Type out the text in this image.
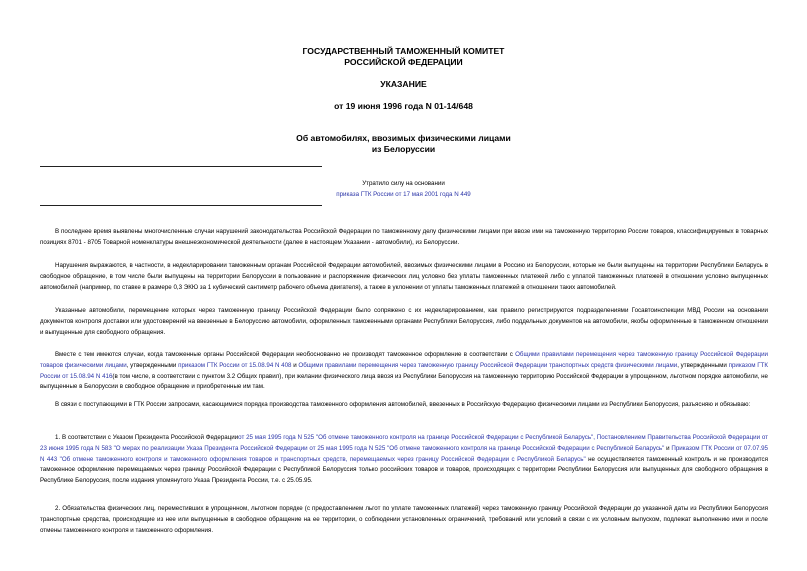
ГОСУДАРСТВЕННЫЙ ТАМОЖЕННЫЙ КОМИТЕТ
РОССИЙСКОЙ ФЕДЕРАЦИИ
УКАЗАНИЕ
от 19 июня 1996 года N 01-14/648
Об автомобилях, ввозимых физическими лицами
из Белоруссии
Утратило силу на основании
приказа ГТК России от 17 мая 2001 года N 449

В последнее время выявлены многочисленные случаи нарушений законодательства Российской Федерации по таможенному делу физическими лицами при ввозе ими на таможенную территорию России товаров, классифицируемых в товарных позициях 8701 - 8705 Товарной номенклатуры внешнеэкономической деятельности (далее в настоящем Указании - автомобили), из Белоруссии.

Нарушения выражаются, в частности, в недекларировании таможенным органам Российской Федерации автомобилей, ввозимых физическими лицами в Россию из Белоруссии, которые не были выпущены на территории Республики Беларусь в свободное обращение, в том числе были выпущены на территории Белоруссии в пользование и распоряжение физических лиц условно без уплаты таможенных платежей либо с уплатой таможенных платежей в отношении условно выпущенных автомобилей (например, по ставке в размере 0,3 ЭКЮ за 1 кубический сантиметр рабочего объема двигателя), а также в уклонении от уплаты таможенных платежей в отношении таких автомобилей.

Указанные автомобили, перемещение которых через таможенную границу Российской Федерации было сопряжено с их недекларированием, как правило регистрируются подразделениями Госавтоинспекции МВД России на основании документов контроля доставки или удостоверений на ввезенные в Белоруссию автомобили, оформленных таможенными органами Республики Белоруссия, либо поддельных документов на автомобили, якобы оформленные в таможенном отношении и выпущенные для свободного обращения.

Вместе с тем имеются случаи, когда таможенные органы Российской Федерации необоснованно не производят таможенное оформление в соответствии с Общими правилами перемещения через таможенную границу Российской Федерации товаров физическими лицами, утвержденными приказом ГТК России от 15.08.94 N 408 и Общими правилами перемещения через таможенную границу Российской Федерации транспортных средств физическими лицами, утвержденными приказом ГТК России от 15.08.94 N 416(в том числе, в соответствии с пунктом 3.2 Общих правил), при желании физического лица ввозя из Республики Белоруссия на таможенную территорию Российской Федерации в упрощенном, льготном порядке автомобили, не выпущенные в Белоруссии в свободное обращение и приобретенные им там.

В связи с поступающими в ГТК России запросами, касающимися порядка производства таможенного оформления автомобилей, ввезенных в Российскую Федерацию физическими лицами из Республики Белоруссия, разъясняю и обязываю:

1. В соответствии с Указом Президента Российской Федерацииот 25 мая 1995 года N 525 "Об отмене таможенного контроля на границе Российской Федерации с Республикой Беларусь", Постановлением Правительства Российской Федерации от 23 июня 1995 года N 583 "О мерах по реализации Указа Президента Российской Федерации от 25 мая 1995 года N 525 "Об отмене таможенного контроля на границе Российской Федерации с Республикой Беларусь" и Приказом ГТК России от 07.07.95 N 443 "Об отмене таможенного контроля и таможенного оформления товаров и транспортных средств, перемещаемых через границу Российской Федерации с Республикой Беларусь" не осуществляется таможенный контроль и не производится таможенное оформление перемещаемых через границу Российской Федерации с Республикой Белоруссия только российских товаров и товаров, происходящих с территории Республики Белоруссия или выпущенных для свободного обращения в Республике Белоруссия, после издания упомянутого Указа Президента России, т.е. с 25.05.95.

2. Обязательства физических лиц, переместивших в упрощенном, льготном порядке (с предоставлением льгот по уплате таможенных платежей) через таможенную границу Российской Федерации до указанной даты из Республики Белоруссия транспортные средства, происходящие из нее или выпущенные в свободное обращение на ее территории, о соблюдении установленных ограничений, требований или условий в связи с их условным выпуском, подлежат выполнению ими и после отмены таможенного контроля и таможенного оформления.
